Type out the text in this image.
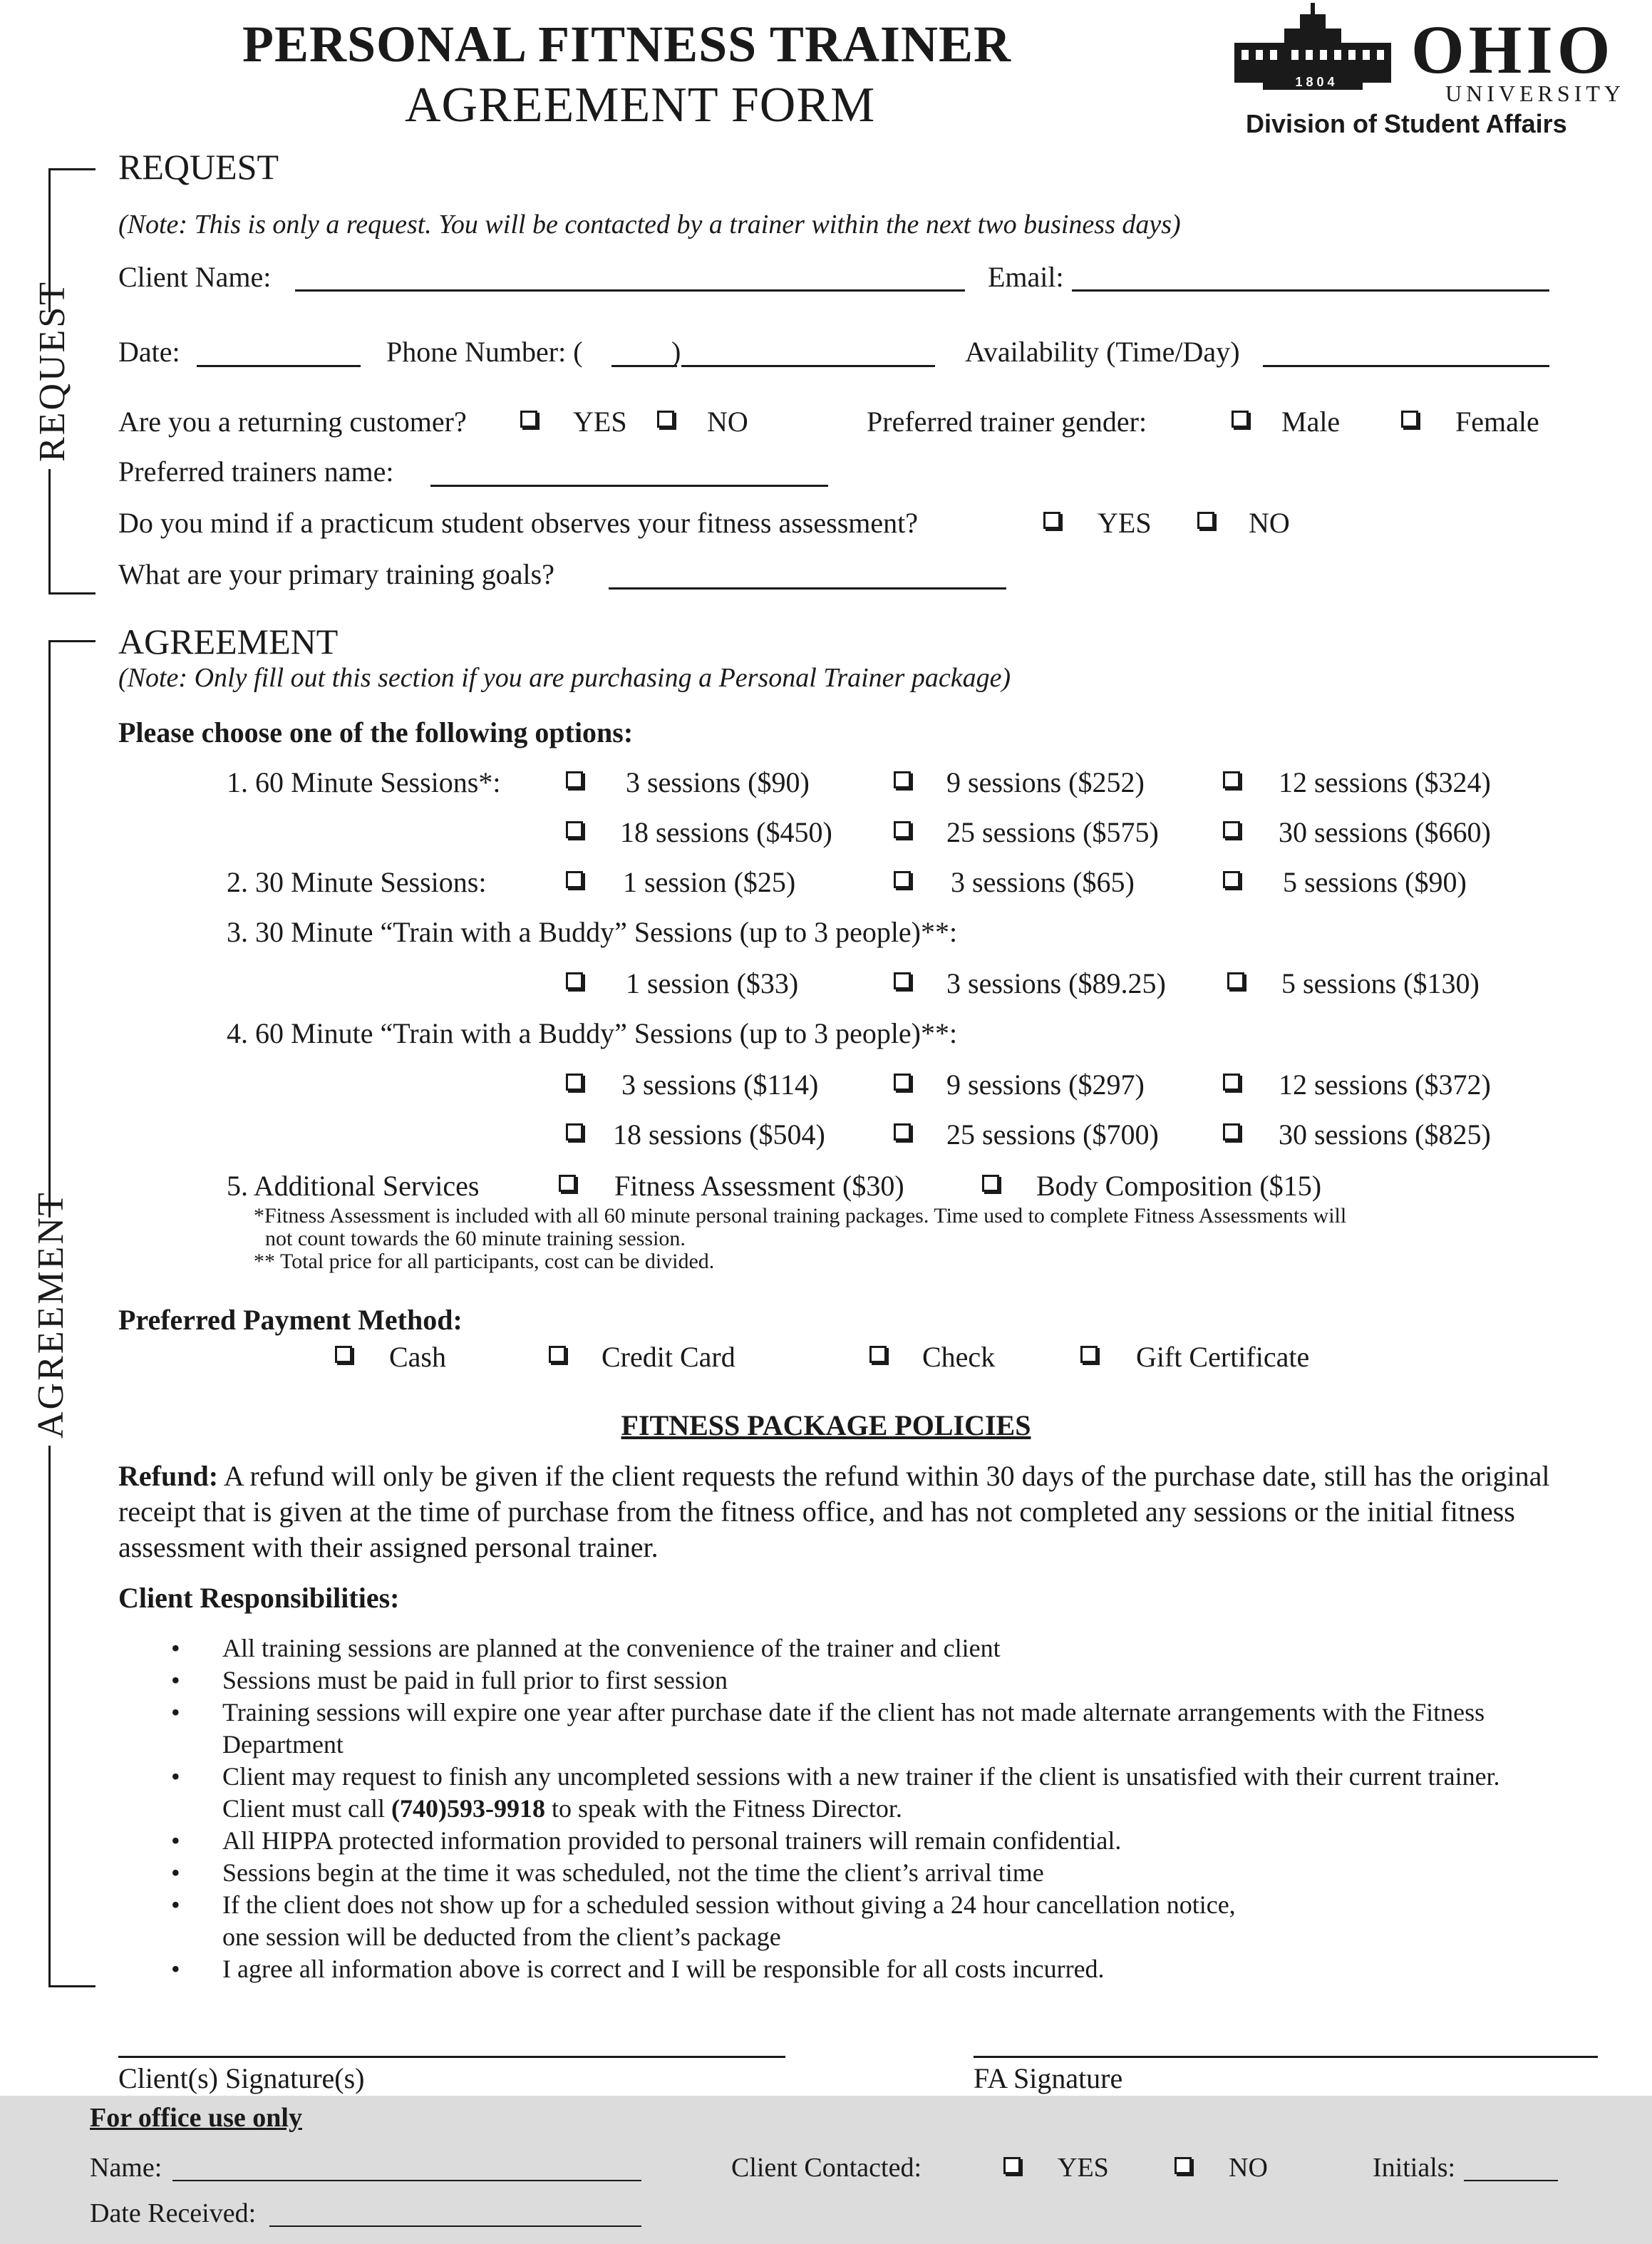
PERSONAL FITNESS TRAINER
AGREEMENT FORM	1 8 0 4 OHIO
UNIVERSITY
Division of Student Affairs
REQUEST
AGREEMENT
REQUEST
(Note: This is only a request. You will be contacted by a trainer within the next two business days)
Client Name:	Email:
Date:	Phone Number: (	)	Availability (Time/Day)
Are you a returning customer?	YES	NO	Preferred trainer gender:	Male	Female
Preferred trainers name:
Do you mind if a practicum student observes your fitness assessment?	YES	NO
What are your primary training goals?
AGREEMENT
(Note: Only fill out this section if you are purchasing a Personal Trainer package)
Please choose one of the following options:
1. 60 Minute Sessions*:	3 sessions ($90)	9 sessions ($252)	12 sessions ($324)
18 sessions ($450)	25 sessions ($575)	30 sessions ($660)
2. 30 Minute Sessions:	1 session ($25)	3 sessions ($65)	5 sessions ($90)
3. 30 Minute “Train with a Buddy” Sessions (up to 3 people)**:
1 session ($33)	3 sessions ($89.25)	5 sessions ($130)
4. 60 Minute “Train with a Buddy” Sessions (up to 3 people)**:
3 sessions ($114)	9 sessions ($297)	12 sessions ($372)
18 sessions ($504)	25 sessions ($700)	30 sessions ($825)
5. Additional Services	Fitness Assessment ($30)	Body Composition ($15)
*Fitness Assessment is included with all 60 minute personal training packages. Time used to complete Fitness Assessments will
not count towards the 60 minute training session.
** Total price for all participants, cost can be divided.
Preferred Payment Method:
Cash	Credit Card	Check	Gift Certificate
FITNESS PACKAGE POLICIES
Refund: A refund will only be given if the client requests the refund within 30 days of the purchase date, still has the original receipt that is given at the time of purchase from the fitness office, and has not completed any sessions or the initial fitness assessment with their assigned personal trainer.
Client Responsibilities:
• All training sessions are planned at the convenience of the trainer and client
• Sessions must be paid in full prior to first session
• Training sessions will expire one year after purchase date if the client has not made alternate arrangements with the Fitness Department
• Client may request to finish any uncompleted sessions with a new trainer if the client is unsatisfied with their current trainer. Client must call (740)593-9918 to speak with the Fitness Director.
• All HIPPA protected information provided to personal trainers will remain confidential.
• Sessions begin at the time it was scheduled, not the time the client’s arrival time
• If the client does not show up for a scheduled session without giving a 24 hour cancellation notice,
one session will be deducted from the client’s package
• I agree all information above is correct and I will be responsible for all costs incurred.
Client(s) Signature(s)	FA Signature
For office use only
Name:	Client Contacted:	YES	NO	Initials:
Date Received:
